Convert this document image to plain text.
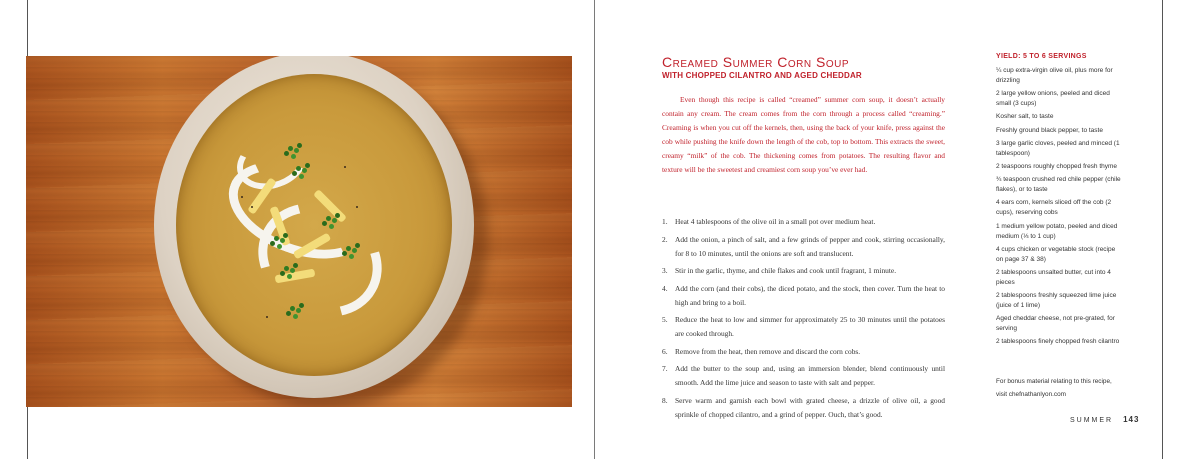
Creamed Summer Corn Soup
WITH CHOPPED CILANTRO AND AGED CHEDDAR

Even though this recipe is called “creamed” summer corn soup, it doesn’t actually contain any cream. The cream comes from the corn through a process called “creaming.” Creaming is when you cut off the kernels, then, using the back of your knife, press against the cob while pushing the knife down the length of the cob, top to bottom. This extracts the sweet, creamy “milk” of the cob. The thickening comes from potatoes. The resulting flavor and texture will be the sweetest and creamiest corn soup you’ve ever had.

1. Heat 4 tablespoons of the olive oil in a small pot over medium heat.
2. Add the onion, a pinch of salt, and a few grinds of pepper and cook, stirring occasionally, for 8 to 10 minutes, until the onions are soft and translucent.
3. Stir in the garlic, thyme, and chile flakes and cook until fragrant, 1 minute.
4. Add the corn (and their cobs), the diced potato, and the stock, then cover. Turn the heat to high and bring to a boil.
5. Reduce the heat to low and simmer for approximately 25 to 30 minutes until the potatoes are cooked through.
6. Remove from the heat, then remove and discard the corn cobs.
7. Add the butter to the soup and, using an immersion blender, blend continuously until smooth. Add the lime juice and season to taste with salt and pepper.
8. Serve warm and garnish each bowl with grated cheese, a drizzle of olive oil, a good sprinkle of chopped cilantro, and a grind of pepper. Ouch, that’s good.
YIELD: 5 TO 6 SERVINGS
¼ cup extra-virgin olive oil, plus more for drizzling
2 large yellow onions, peeled and diced small (3 cups)
Kosher salt, to taste
Freshly ground black pepper, to taste
3 large garlic cloves, peeled and minced (1 tablespoon)
2 teaspoons roughly chopped fresh thyme
¾ teaspoon crushed red chile pepper (chile flakes), or to taste
4 ears corn, kernels sliced off the cob (2 cups), reserving cobs
1 medium yellow potato, peeled and diced medium (⅓ to 1 cup)
4 cups chicken or vegetable stock (recipe on page 37 & 38)
2 tablespoons unsalted butter, cut into 4 pieces
2 tablespoons freshly squeezed lime juice (juice of 1 lime)
Aged cheddar cheese, not pre-grated, for serving
2 tablespoons finely chopped fresh cilantro

For bonus material relating to this recipe,

visit chefnathanlyon.com

SUMMER 143
